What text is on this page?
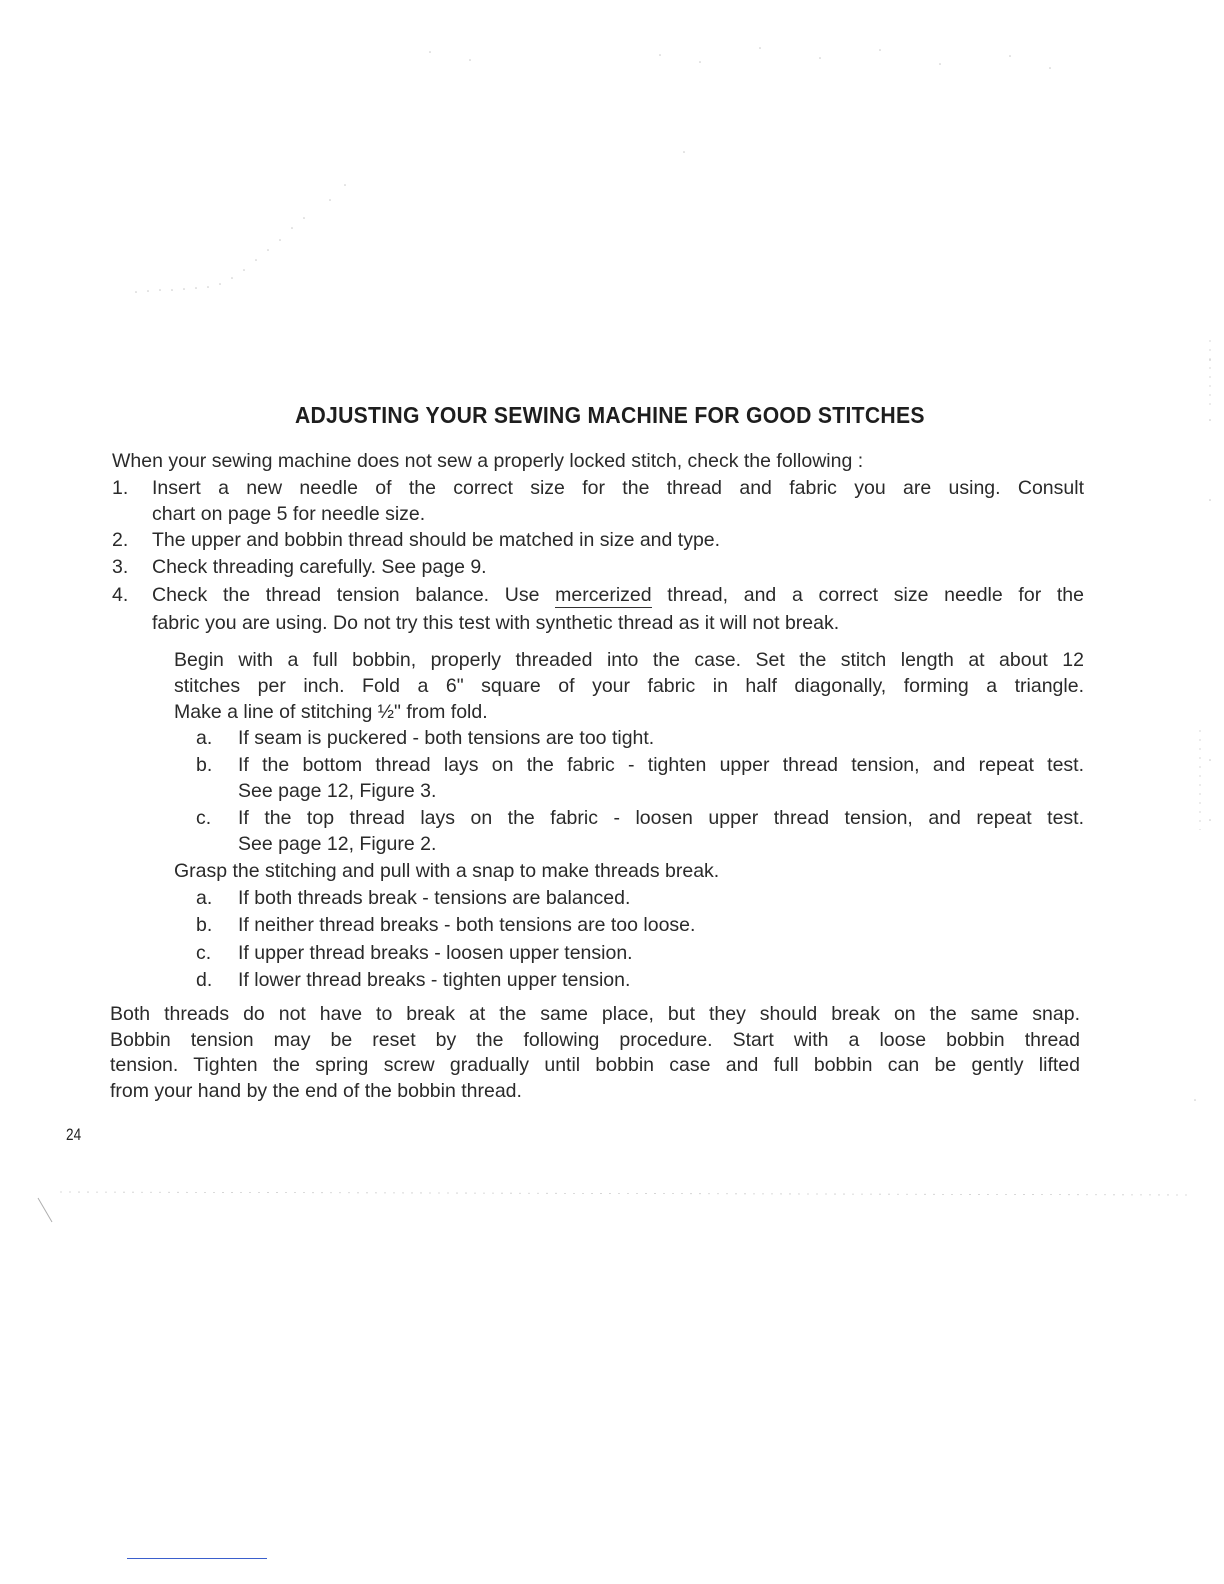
ADJUSTING YOUR SEWING MACHINE FOR GOOD STITCHES
When your sewing machine does not sew a properly locked stitch, check the following :
1. Insert a new needle of the correct size for the thread and fabric you are using. Consult
chart on page 5 for needle size.
2. The upper and bobbin thread should be matched in size and type.
3. Check threading carefully. See page 9.
4. Check the thread tension balance. Use mercerized thread, and a correct size needle for the
fabric you are using. Do not try this test with synthetic thread as it will not break.
Begin with a full bobbin, properly threaded into the case. Set the stitch length at about 12
stitches per inch. Fold a 6" square of your fabric in half diagonally, forming a triangle.
Make a line of stitching ½" from fold.
a. If seam is puckered - both tensions are too tight.
b. If the bottom thread lays on the fabric - tighten upper thread tension, and repeat test.
See page 12, Figure 3.
c. If the top thread lays on the fabric - loosen upper thread tension, and repeat test.
See page 12, Figure 2.
Grasp the stitching and pull with a snap to make threads break.
a. If both threads break - tensions are balanced.
b. If neither thread breaks - both tensions are too loose.
c. If upper thread breaks - loosen upper tension.
d. If lower thread breaks - tighten upper tension.
Both threads do not have to break at the same place, but they should break on the same snap.
Bobbin tension may be reset by the following procedure. Start with a loose bobbin thread
tension. Tighten the spring screw gradually until bobbin case and full bobbin can be gently lifted
from your hand by the end of the bobbin thread.
24
